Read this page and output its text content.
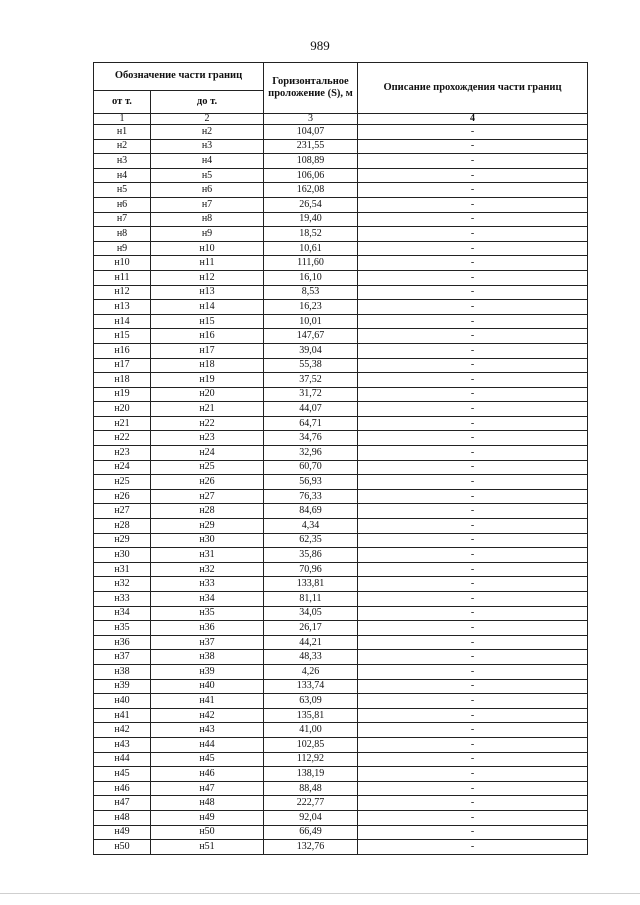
989
Обозначение части границ		Горизонтальное проложение (S), м	Описание прохождения части границ
от т.	до т.		
1	2	3	4
н1	н2	104,07	-
н2	н3	231,55	-
н3	н4	108,89	-
н4	н5	106,06	-
н5	н6	162,08	-
н6	н7	26,54	-
н7	н8	19,40	-
н8	н9	18,52	-
н9	н10	10,61	-
н10	н11	111,60	-
н11	н12	16,10	-
н12	н13	8,53	-
н13	н14	16,23	-
н14	н15	10,01	-
н15	н16	147,67	-
н16	н17	39,04	-
н17	н18	55,38	-
н18	н19	37,52	-
н19	н20	31,72	-
н20	н21	44,07	-
н21	н22	64,71	-
н22	н23	34,76	-
н23	н24	32,96	-
н24	н25	60,70	-
н25	н26	56,93	-
н26	н27	76,33	-
н27	н28	84,69	-
н28	н29	4,34	-
н29	н30	62,35	-
н30	н31	35,86	-
н31	н32	70,96	-
н32	н33	133,81	-
н33	н34	81,11	-
н34	н35	34,05	-
н35	н36	26,17	-
н36	н37	44,21	-
н37	н38	48,33	-
н38	н39	4,26	-
н39	н40	133,74	-
н40	н41	63,09	-
н41	н42	135,81	-
н42	н43	41,00	-
н43	н44	102,85	-
н44	н45	112,92	-
н45	н46	138,19	-
н46	н47	88,48	-
н47	н48	222,77	-
н48	н49	92,04	-
н49	н50	66,49	-
н50	н51	132,76	-
